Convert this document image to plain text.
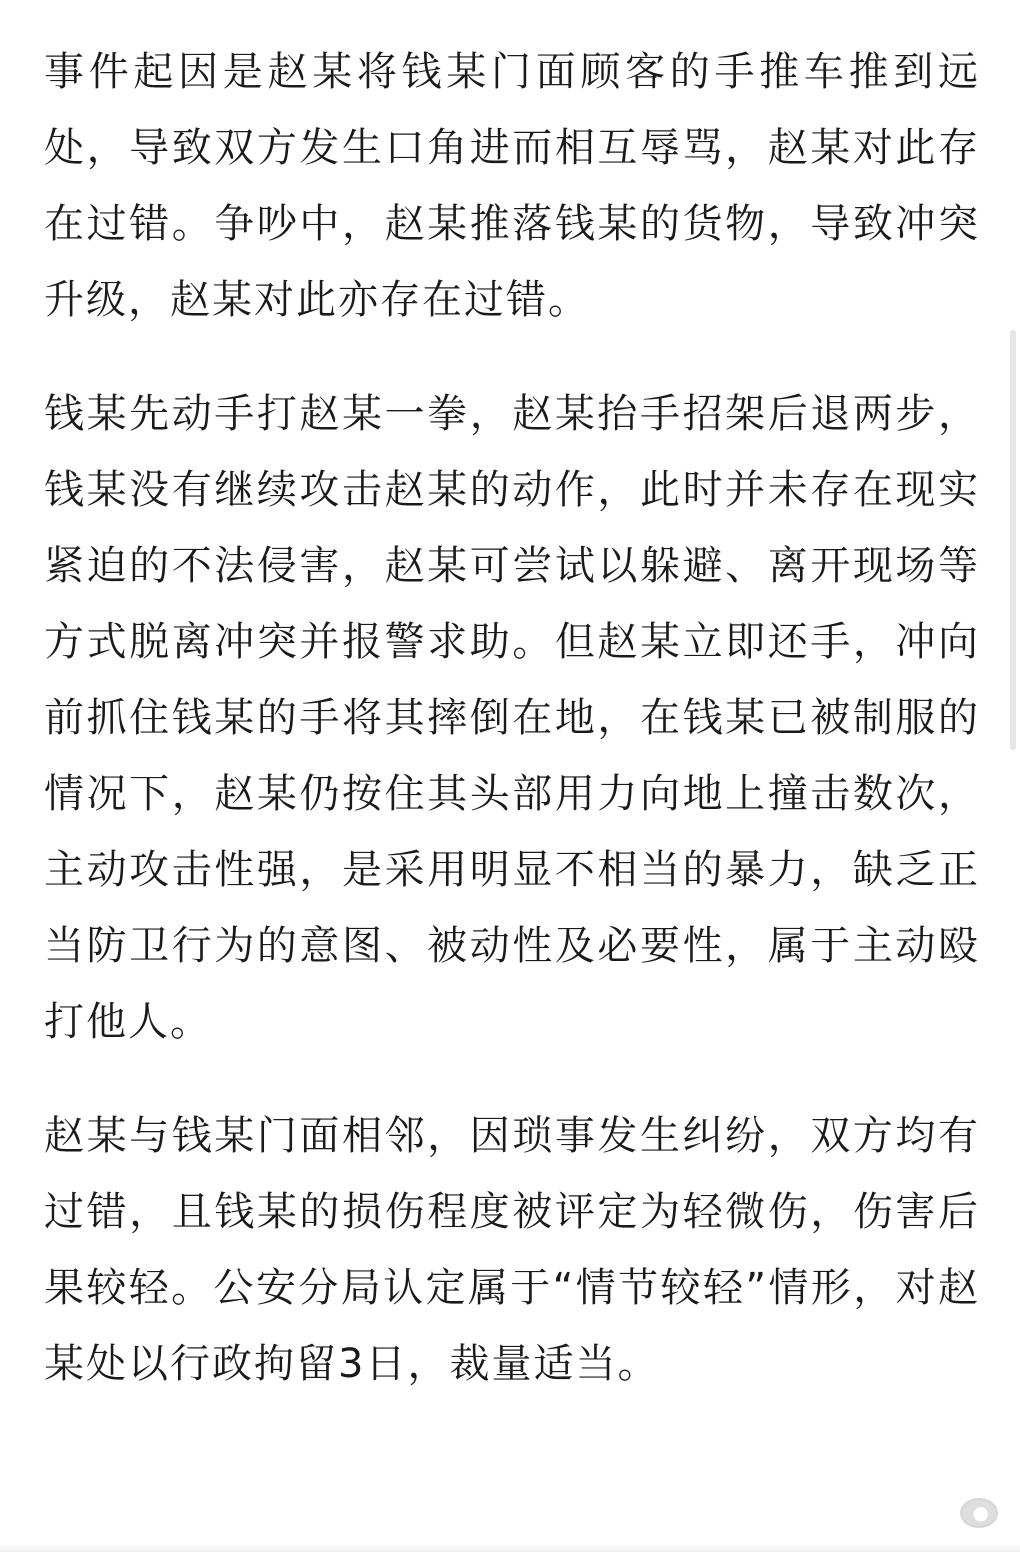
事件起因是赵某将钱某门面顾客的手推车推到远处，导致双方发生口角进而相互辱骂，赵某对此存在过错。争吵中，赵某推落钱某的货物，导致冲突升级，赵某对此亦存在过错。

钱某先动手打赵某一拳，赵某抬手招架后退两步，钱某没有继续攻击赵某的动作，此时并未存在现实紧迫的不法侵害，赵某可尝试以躲避、离开现场等方式脱离冲突并报警求助。但赵某立即还手，冲向前抓住钱某的手将其摔倒在地，在钱某已被制服的情况下，赵某仍按住其头部用力向地上撞击数次，主动攻击性强，是采用明显不相当的暴力，缺乏正当防卫行为的意图、被动性及必要性，属于主动殴打他人。

赵某与钱某门面相邻，因琐事发生纠纷，双方均有过错，且钱某的损伤程度被评定为轻微伤，伤害后果较轻。公安分局认定属于“情节较轻”情形，对赵某处以行政拘留3日，裁量适当。
